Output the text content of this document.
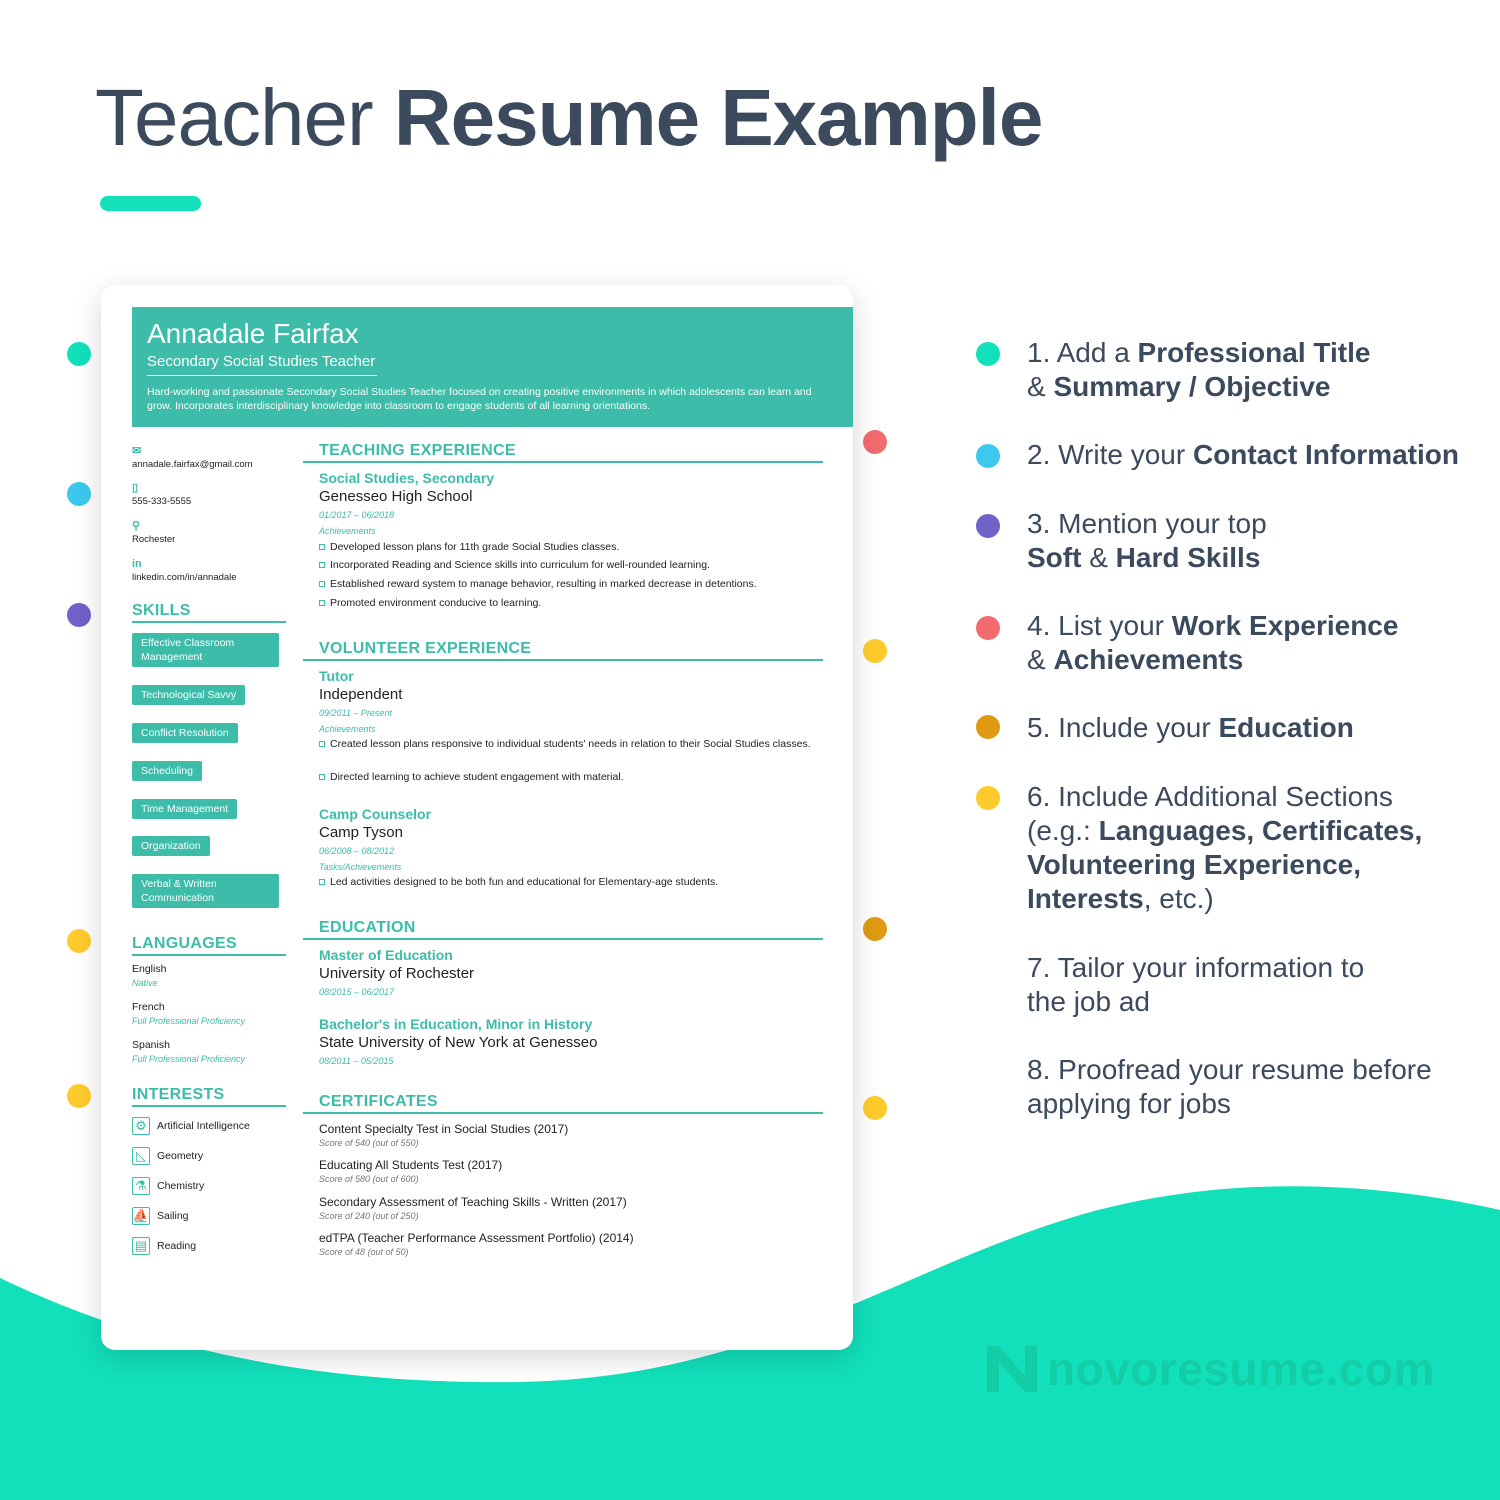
Teacher Resume Example
Annadale Fairfax
Secondary Social Studies Teacher
Hard-working and passionate Secondary Social Studies Teacher focused on creating positive environments in which adolescents can learn and grow. Incorporates interdisciplinary knowledge into classroom to engage students of all learning orientations.
✉
annadale.fairfax@gmail.com
▯
555-333-5555
⚲
Rochester
in
linkedin.com/in/annadale
SKILLS
Effective Classroom Management
Technological Savvy
Conflict Resolution
Scheduling
Time Management
Organization
Verbal & Written Communication
LANGUAGES
English
Native
French
Full Professional Proficiency
Spanish
Full Professional Proficiency
INTERESTS
⚙ Artificial Intelligence
◺	Geometry
⚗ Chemistry
⛵ Sailing
▤ Reading
TEACHING EXPERIENCE
Social Studies, Secondary
Genesseo High School
01/2017 – 06/2018
Achievements
Developed lesson plans for 11th grade Social Studies classes.
Incorporated Reading and Science skills into curriculum for well-rounded learning.
Established reward system to manage behavior, resulting in marked decrease in detentions.
Promoted environment conducive to learning.
VOLUNTEER EXPERIENCE
Tutor
Independent
09/2011 – Present
Achievements
Created lesson plans responsive to individual students' needs in relation to their Social Studies classes.
Directed learning to achieve student engagement with material.
Camp Counselor
Camp Tyson
06/2008 – 08/2012
Tasks/Achievements
Led activities designed to be both fun and educational for Elementary-age students.
EDUCATION
Master of Education
University of Rochester
08/2015 – 06/2017
Bachelor's in Education, Minor in History
State University of New York at Genesseo
08/2011 – 05/2015
CERTIFICATES
Content Specialty Test in Social Studies (2017)
Score of 540 (out of 550)
Educating All Students Test (2017)
Score of 580 (out of 600)
Secondary Assessment of Teaching Skills - Written (2017)
Score of 240 (out of 250)
edTPA (Teacher Performance Assessment Portfolio) (2014)
Score of 48 (out of 50)
1. Add a Professional Title
& Summary / Objective
2. Write your Contact Information
3. Mention your top
Soft & Hard Skills
4. List your Work Experience
& Achievements
5. Include your Education
6. Include Additional Sections
(e.g.: Languages, Certificates,
Volunteering Experience,
Interests, etc.)
7. Tailor your information to
the job ad
8. Proofread your resume before
applying for jobs
novoresume.com
